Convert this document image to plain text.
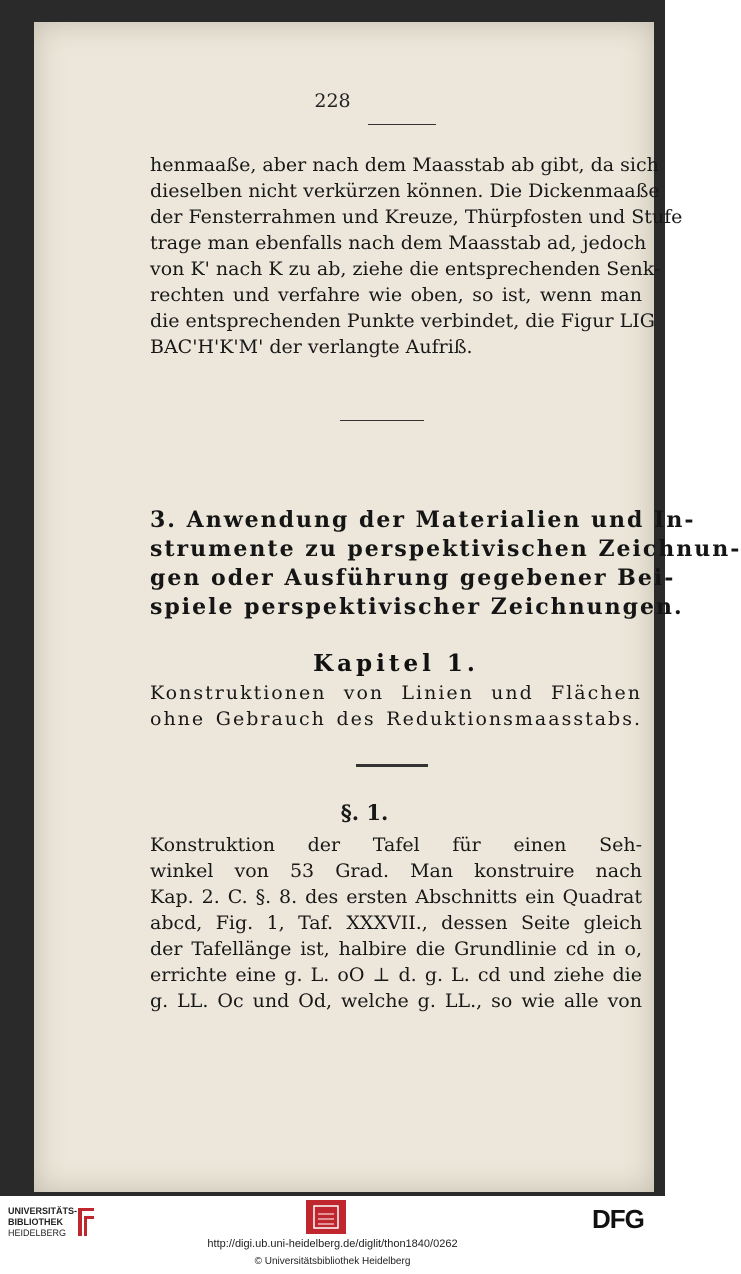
228
henmaaße, aber nach dem Maasstab ab gibt, da sich
dieselben nicht verkürzen können. Die Dickenmaaße
der Fensterrahmen und Kreuze, Thürpfosten und Stufe
trage man ebenfalls nach dem Maasstab ad, jedoch
von K' nach K zu ab, ziehe die entsprechenden Senk-
rechten und verfahre wie oben, so ist, wenn man
die entsprechenden Punkte verbindet, die Figur LIG
BAC'H'K'M' der verlangte Aufriß.
3. Anwendung der Materialien und In-
strumente zu perspektivischen Zeichnun-
gen oder Ausführung gegebener Bei-
spiele perspektivischer Zeichnungen.
Kapitel 1.
Konstruktionen von Linien und Flächen
ohne Gebrauch des Reduktionsmaasstabs.
§. 1.
Konstruktion der Tafel für einen Seh-
winkel von 53 Grad. Man konstruire nach
Kap. 2. C. §. 8. des ersten Abschnitts ein Quadrat
abcd, Fig. 1, Taf. XXXVII., dessen Seite gleich
der Tafellänge ist, halbire die Grundlinie cd in o,
errichte eine g. L. oO ⊥ d. g. L. cd und ziehe die
g. LL. Oc und Od, welche g. LL., so wie alle von
UNIVERSITÄTS-
BIBLIOTHEK
HEIDELBERG	DFG
http://digi.ub.uni-heidelberg.de/diglit/thon1840/0262
© Universitätsbibliothek Heidelberg
